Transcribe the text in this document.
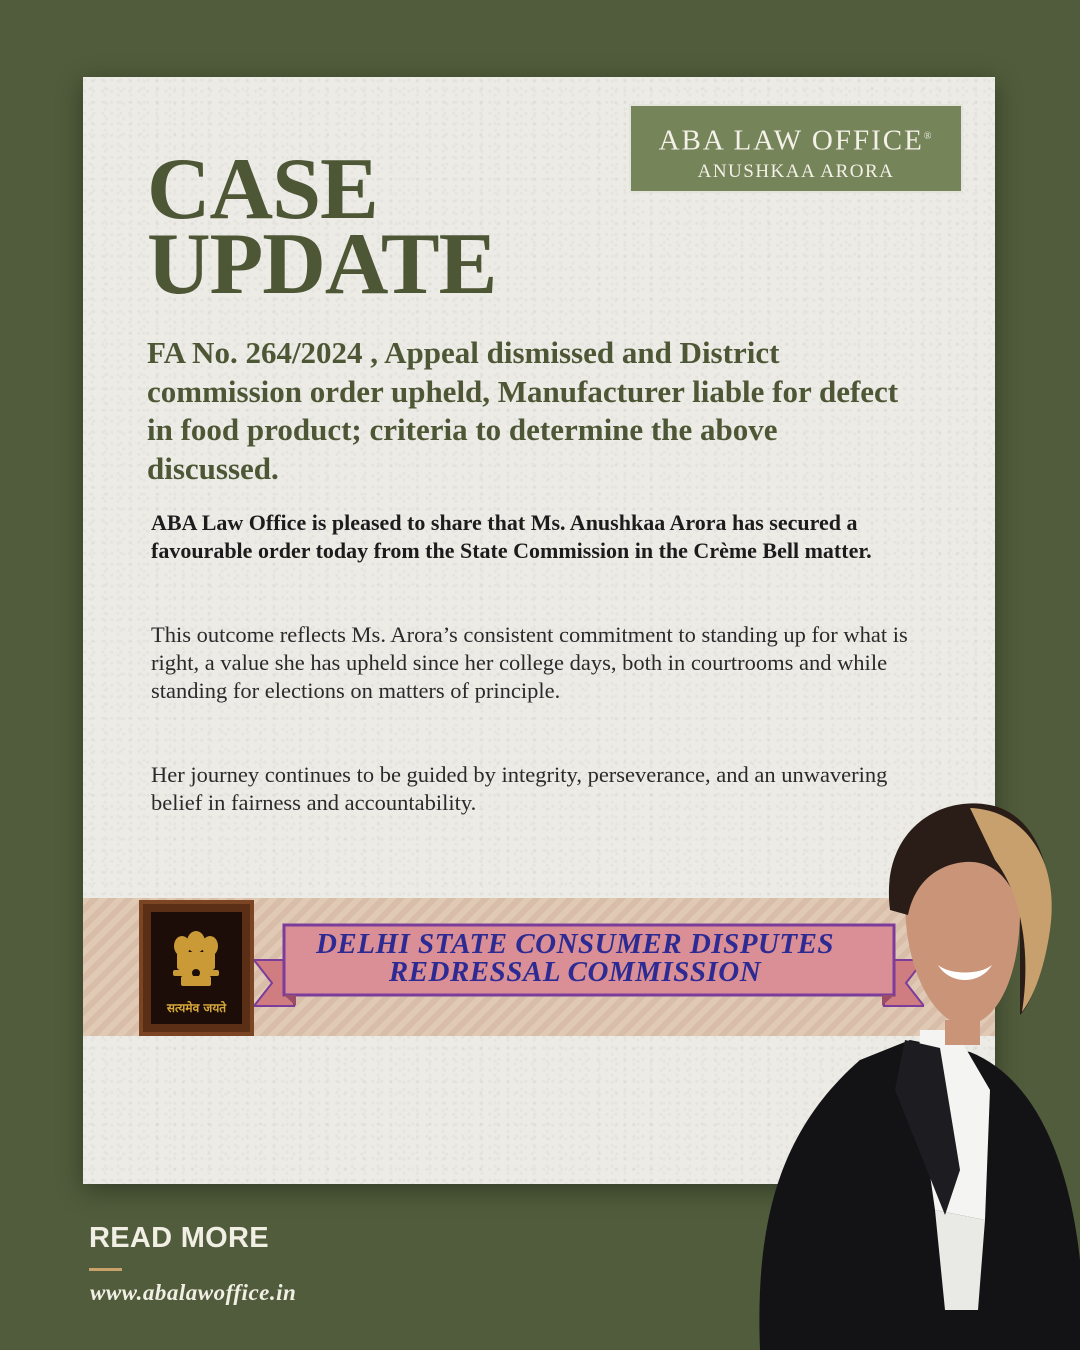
ABA LAW OFFICE®
ANUSHKAA ARORA
CASE
UPDATE

FA No. 264/2024 , Appeal dismissed and District commission order upheld, Manufacturer liable for defect in food product; criteria to determine the above discussed.

ABA Law Office is pleased to share that Ms. Anushkaa Arora has secured a favourable order today from the State Commission in the Crème Bell matter.

This outcome reflects Ms. Arora’s consistent commitment to standing up for what is right, a value she has upheld since her college days, both in courtrooms and while standing for elections on matters of principle.

Her journey continues to be guided by integrity, perseverance, and an unwavering belief in fairness and accountability.

सत्यमेव जयते
DELHI STATE CONSUMER DISPUTES
REDRESSAL COMMISSION
READ MORE
www.abalawoffice.in
